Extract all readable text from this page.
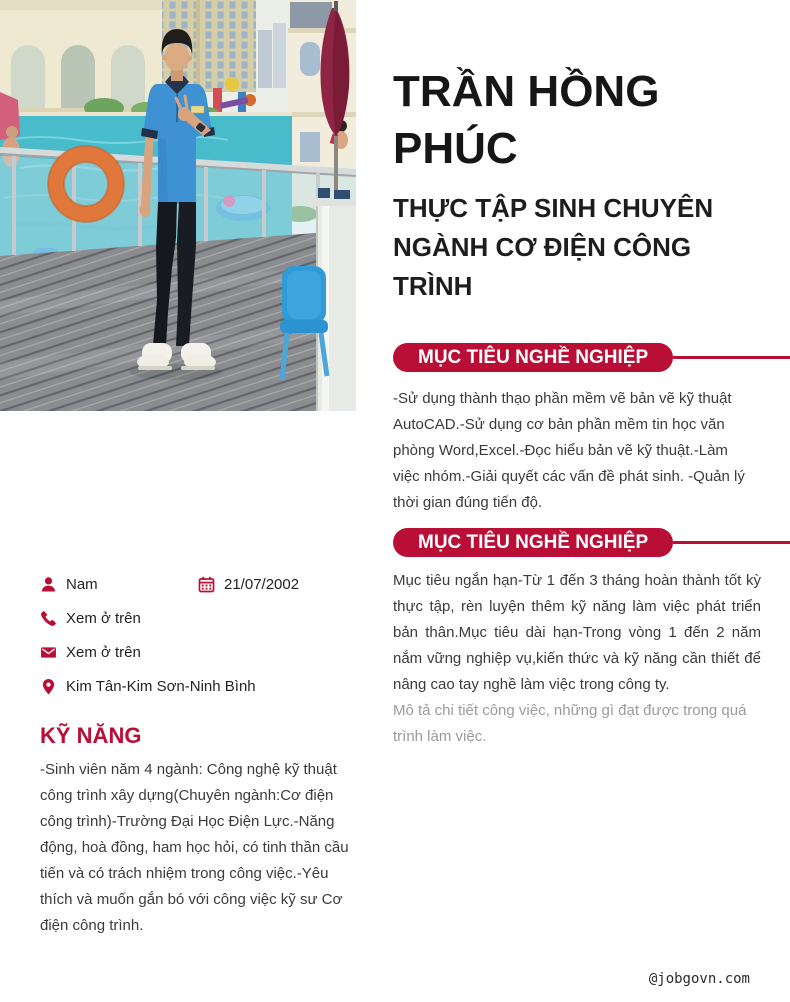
TRẦN HỒNG PHÚC
THỰC TẬP SINH CHUYÊN NGÀNH CƠ ĐIỆN CÔNG TRÌNH
MỤC TIÊU NGHỀ NGHIỆP

-Sử dụng thành thạo phần mềm vẽ bản vẽ kỹ thuật AutoCAD.-Sử dụng cơ bản phần mềm tin học văn phòng Word,Excel.-Đọc hiểu bản vẽ kỹ thuật.-Làm việc nhóm.-Giải quyết các vấn đề phát sinh. -Quản lý thời gian đúng tiến độ.

MỤC TIÊU NGHỀ NGHIỆP

Mục tiêu ngắn hạn-Từ 1 đến 3 tháng hoàn thành tốt kỳ thực tập, rèn luyện thêm kỹ năng làm việc phát triển bản thân.Mục tiêu dài hạn-Trong vòng 1 đến 2 năm nắm vững nghiệp vụ,kiến thức và kỹ năng cần thiết để nâng cao tay nghề làm việc trong công ty.

Mô tả chi tiết công việc, những gì đạt được trong quá trình làm việc.

Nam	21/07/2002
Xem ở trên
Xem ở trên
Kim Tân-Kim Sơn-Ninh Bình
KỸ NĂNG

-Sinh viên năm 4 ngành: Công nghệ kỹ thuật công trình xây dựng(Chuyên ngành:Cơ điện công trình)-Trường Đại Học Điện Lực.-Năng động, hoà đồng, ham học hỏi, có tinh thần cầu tiến và có trách nhiệm trong công việc.-Yêu thích và muốn gắn bó với công việc kỹ sư Cơ điện công trình.

@jobgovn.com
